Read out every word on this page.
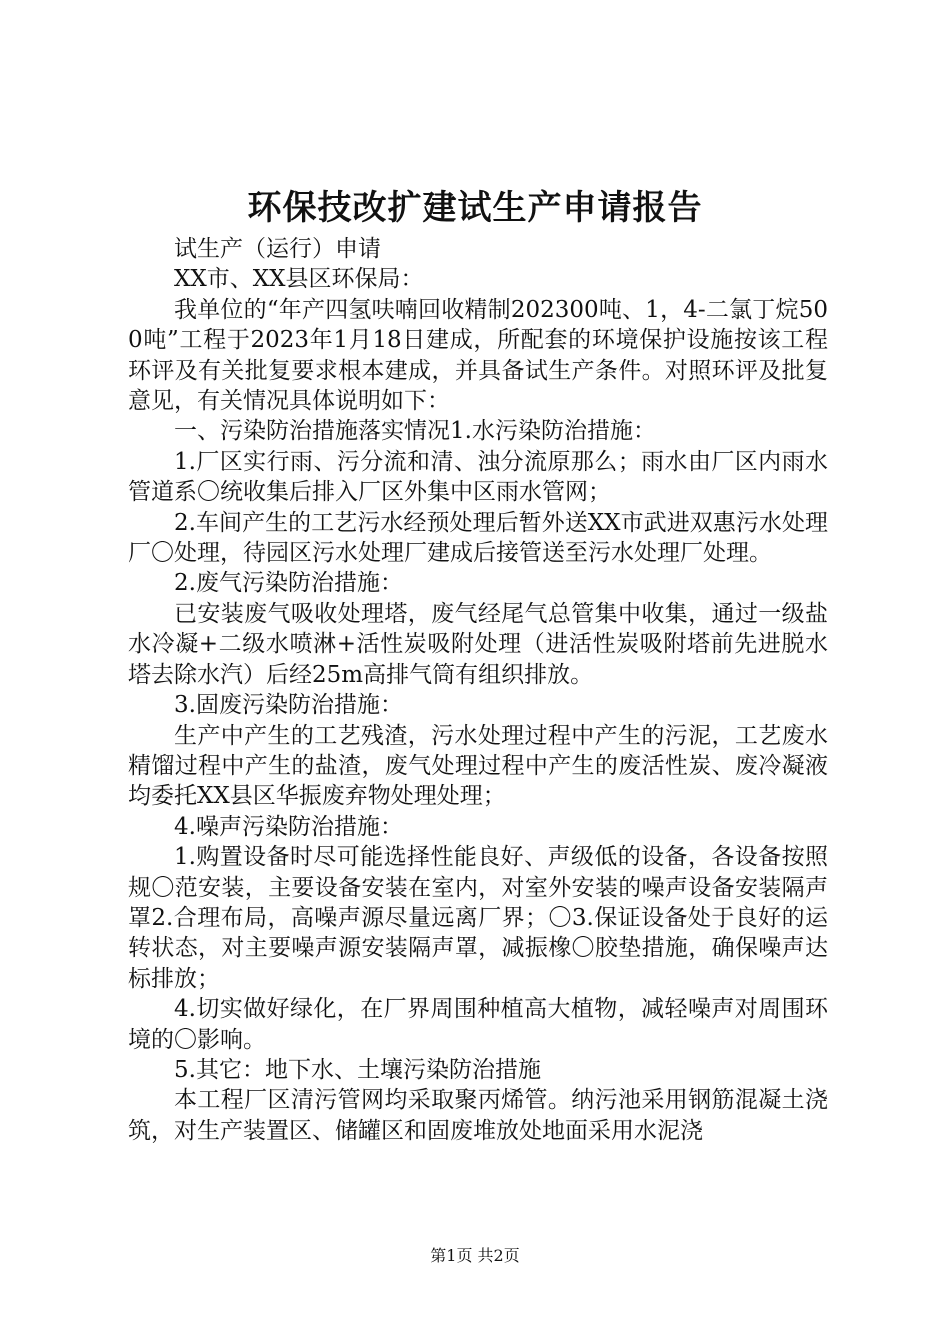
环保技改扩建试生产申请报告

试生产（运行）申请

XX市、XX县区环保局：

我单位的“年产四氢呋喃回收精制202300吨、1，4-二氯丁烷500吨”工程于2023年1月18日建成，所配套的环境保护设施按该工程环评及有关批复要求根本建成，并具备试生产条件。对照环评及批复意见，有关情况具体说明如下：

一、污染防治措施落实情况1.水污染防治措施：

1.厂区实行雨、污分流和清、浊分流原那么；雨水由厂区内雨水管道系〇统收集后排入厂区外集中区雨水管网；

2.车间产生的工艺污水经预处理后暂外送XX市武进双惠污水处理厂〇处理，待园区污水处理厂建成后接管送至污水处理厂处理。

2.废气污染防治措施：

已安装废气吸收处理塔，废气经尾气总管集中收集，通过一级盐水冷凝+二级水喷淋+活性炭吸附处理（进活性炭吸附塔前先进脱水塔去除水汽）后经25m高排气筒有组织排放。

3.固废污染防治措施：

生产中产生的工艺残渣，污水处理过程中产生的污泥，工艺废水精馏过程中产生的盐渣，废气处理过程中产生的废活性炭、废冷凝液均委托XX县区华振废弃物处理处理；

4.噪声污染防治措施：

1.购置设备时尽可能选择性能良好、声级低的设备，各设备按照规〇范安装，主要设备安装在室内，对室外安装的噪声设备安装隔声罩2.合理布局，高噪声源尽量远离厂界；〇3.保证设备处于良好的运转状态，对主要噪声源安装隔声罩，减振橡〇胶垫措施，确保噪声达标排放；

4.切实做好绿化，在厂界周围种植高大植物，减轻噪声对周围环境的〇影响。

5.其它：地下水、土壤污染防治措施

本工程厂区清污管网均采取聚丙烯管。纳污池采用钢筋混凝土浇筑，对生产装置区、储罐区和固废堆放处地面采用水泥浇

第1页 共2页
